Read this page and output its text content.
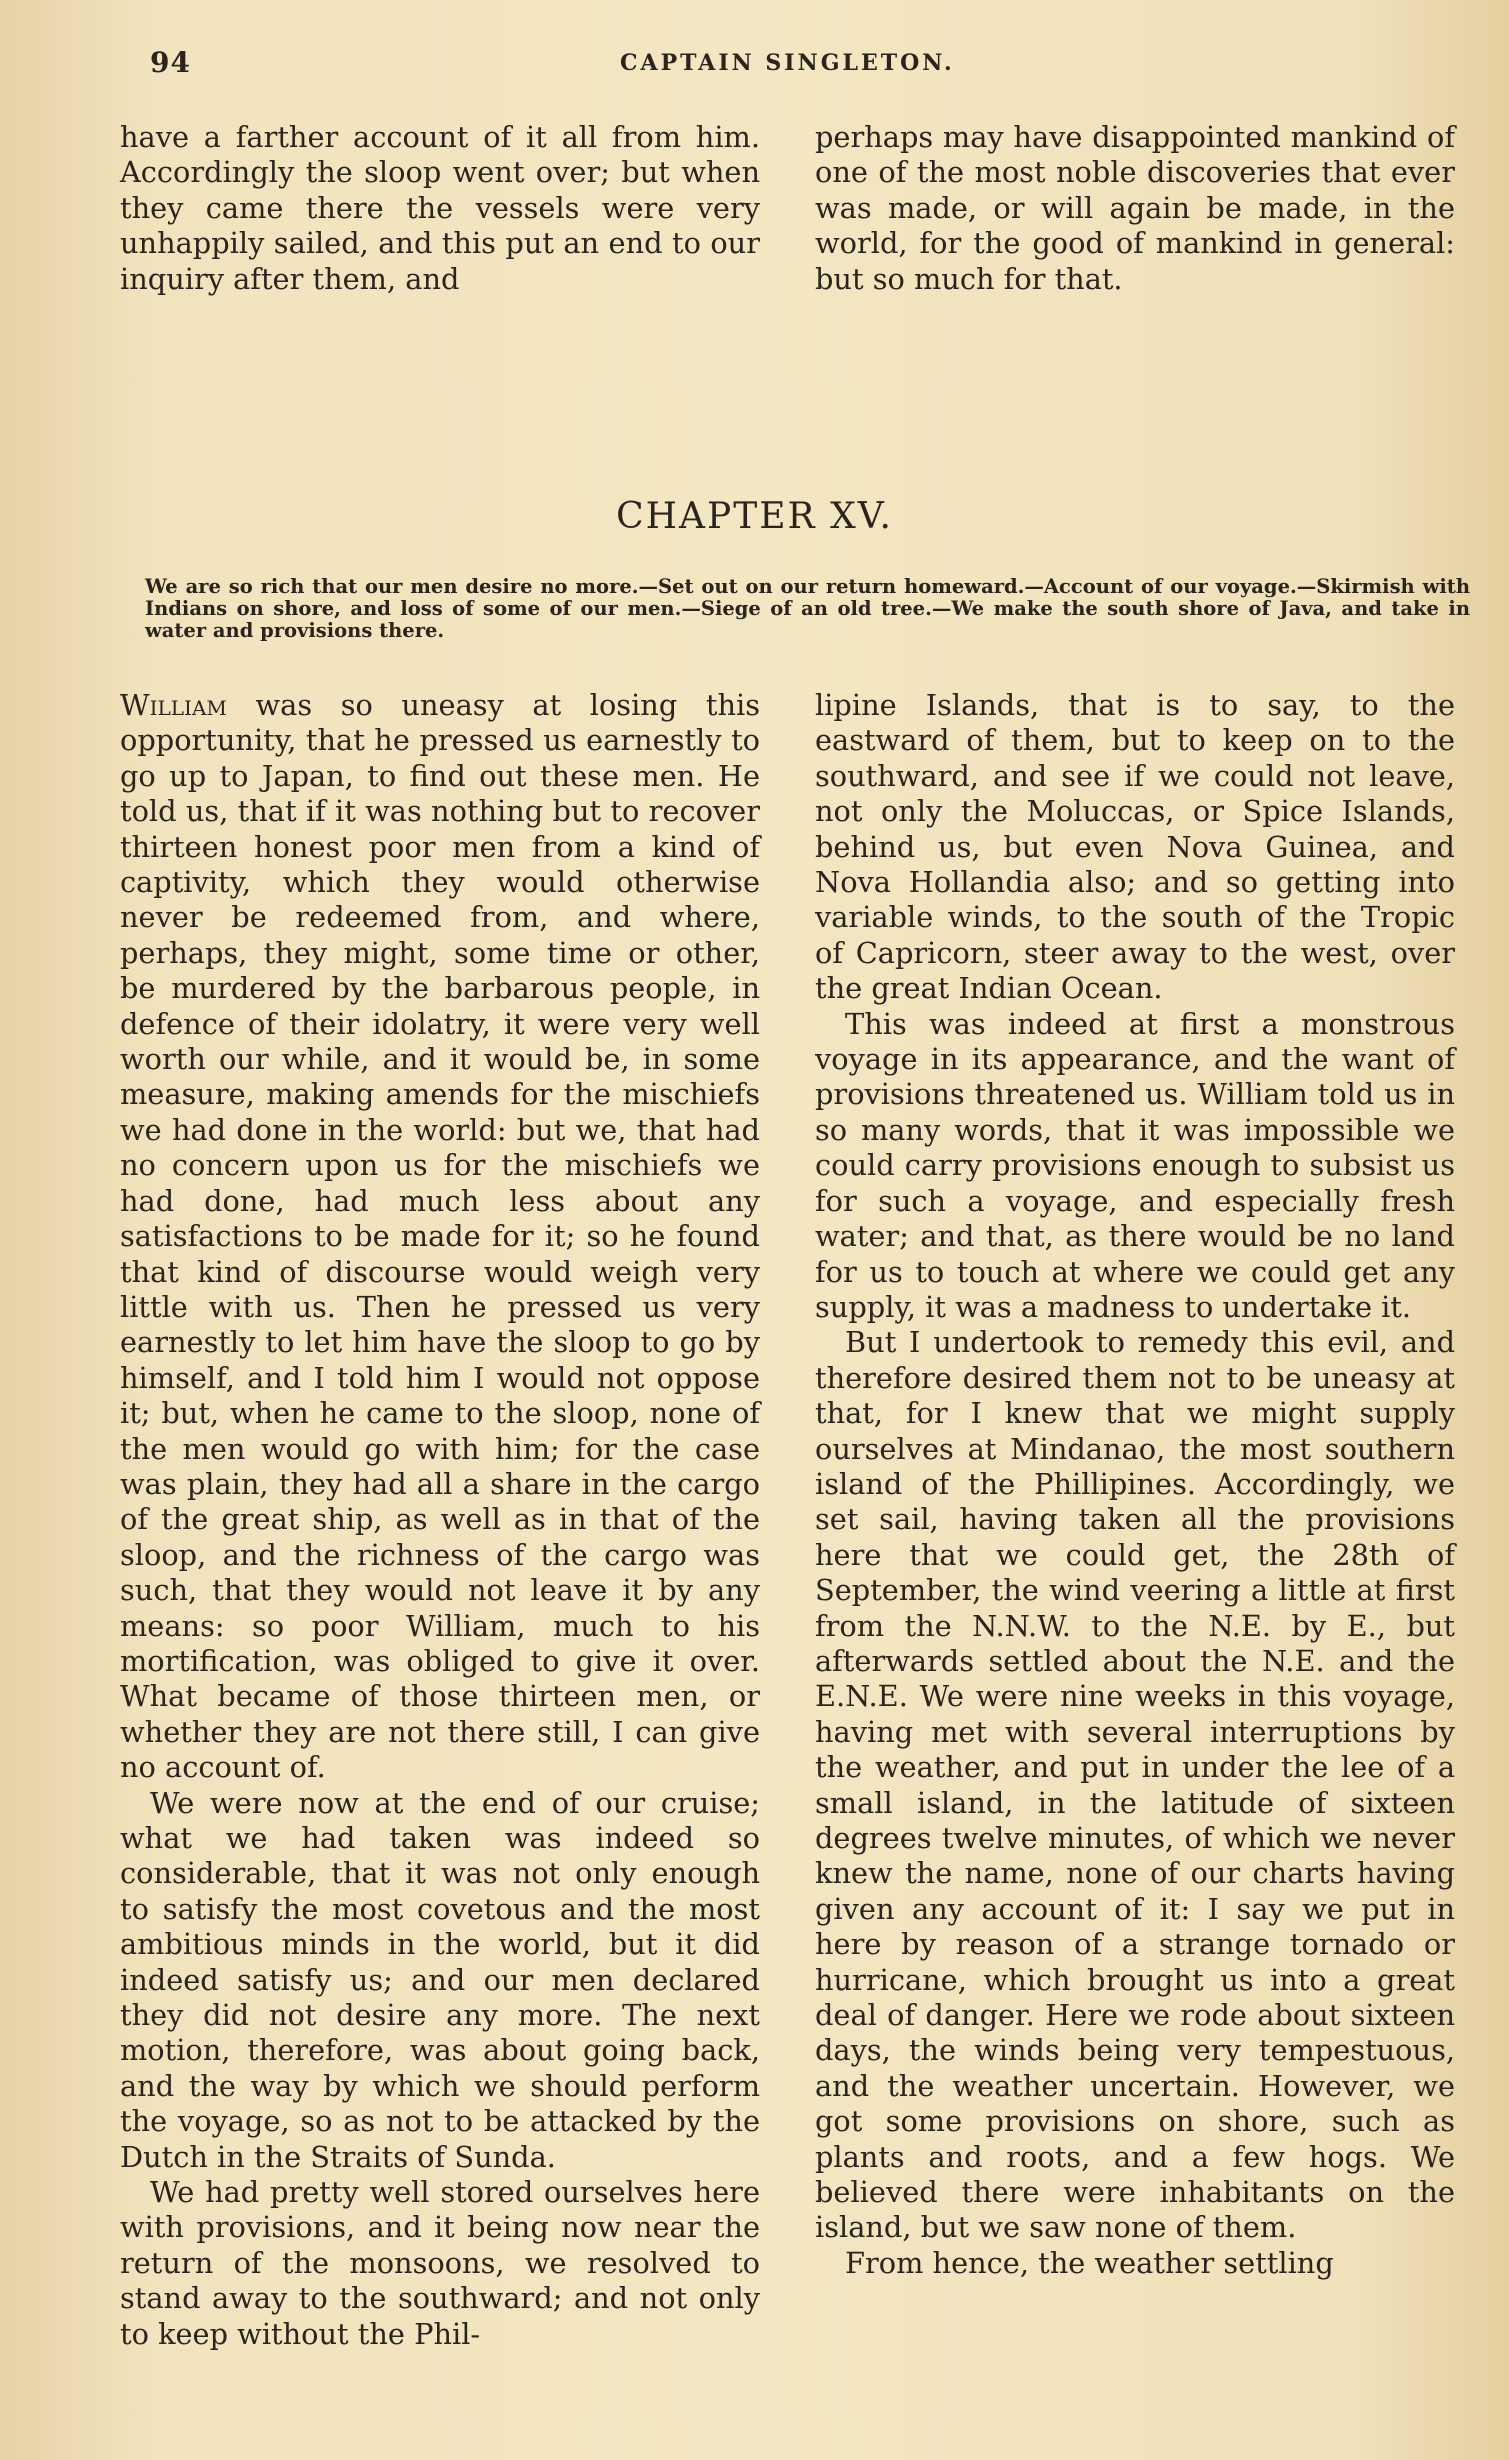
94	CAPTAIN SINGLETON.

have a farther account of it all from him. Accordingly the sloop went over; but when they came there the vessels were very unhappily sailed, and this put an end to our inquiry after them, and

perhaps may have disappointed mankind of one of the most noble discoveries that ever was made, or will again be made, in the world, for the good of mankind in general: but so much for that.

CHAPTER XV.
We are so rich that our men desire no more.—Set out on our return homeward.—Account of our voyage.—Skirmish with Indians on shore, and loss of some of our men.—Siege of an old tree.—We make the south shore of Java, and take in water and provisions there.

William was so uneasy at losing this opportunity, that he pressed us earnestly to go up to Japan, to find out these men. He told us, that if it was nothing but to recover thirteen honest poor men from a kind of captivity, which they would otherwise never be redeemed from, and where, perhaps, they might, some time or other, be murdered by the barbarous people, in defence of their idolatry, it were very well worth our while, and it would be, in some measure, making amends for the mischiefs we had done in the world: but we, that had no concern upon us for the mischiefs we had done, had much less about any satisfactions to be made for it; so he found that kind of discourse would weigh very little with us. Then he pressed us very earnestly to let him have the sloop to go by himself, and I told him I would not oppose it; but, when he came to the sloop, none of the men would go with him; for the case was plain, they had all a share in the cargo of the great ship, as well as in that of the sloop, and the richness of the cargo was such, that they would not leave it by any means: so poor William, much to his mortification, was obliged to give it over. What became of those thirteen men, or whether they are not there still, I can give no account of.

We were now at the end of our cruise; what we had taken was indeed so considerable, that it was not only enough to satisfy the most covetous and the most ambitious minds in the world, but it did indeed satisfy us; and our men declared they did not desire any more. The next motion, therefore, was about going back, and the way by which we should perform the voyage, so as not to be attacked by the Dutch in the Straits of Sunda.

We had pretty well stored ourselves here with provisions, and it being now near the return of the monsoons, we resolved to stand away to the southward; and not only to keep without the Phil-

lipine Islands, that is to say, to the eastward of them, but to keep on to the southward, and see if we could not leave, not only the Moluccas, or Spice Islands, behind us, but even Nova Guinea, and Nova Hollandia also; and so getting into variable winds, to the south of the Tropic of Capricorn, steer away to the west, over the great Indian Ocean.

This was indeed at first a monstrous voyage in its appearance, and the want of provisions threatened us. William told us in so many words, that it was impossible we could carry provisions enough to subsist us for such a voyage, and especially fresh water; and that, as there would be no land for us to touch at where we could get any supply, it was a madness to undertake it.

But I undertook to remedy this evil, and therefore desired them not to be uneasy at that, for I knew that we might supply ourselves at Mindanao, the most southern island of the Phillipines. Accordingly, we set sail, having taken all the provisions here that we could get, the 28th of September, the wind veering a little at first from the N.N.W. to the N.E. by E., but afterwards settled about the N.E. and the E.N.E. We were nine weeks in this voyage, having met with several interruptions by the weather, and put in under the lee of a small island, in the latitude of sixteen degrees twelve minutes, of which we never knew the name, none of our charts having given any account of it: I say we put in here by reason of a strange tornado or hurricane, which brought us into a great deal of danger. Here we rode about sixteen days, the winds being very tempestuous, and the weather uncertain. However, we got some provisions on shore, such as plants and roots, and a few hogs. We believed there were inhabitants on the island, but we saw none of them.

From hence, the weather settling
